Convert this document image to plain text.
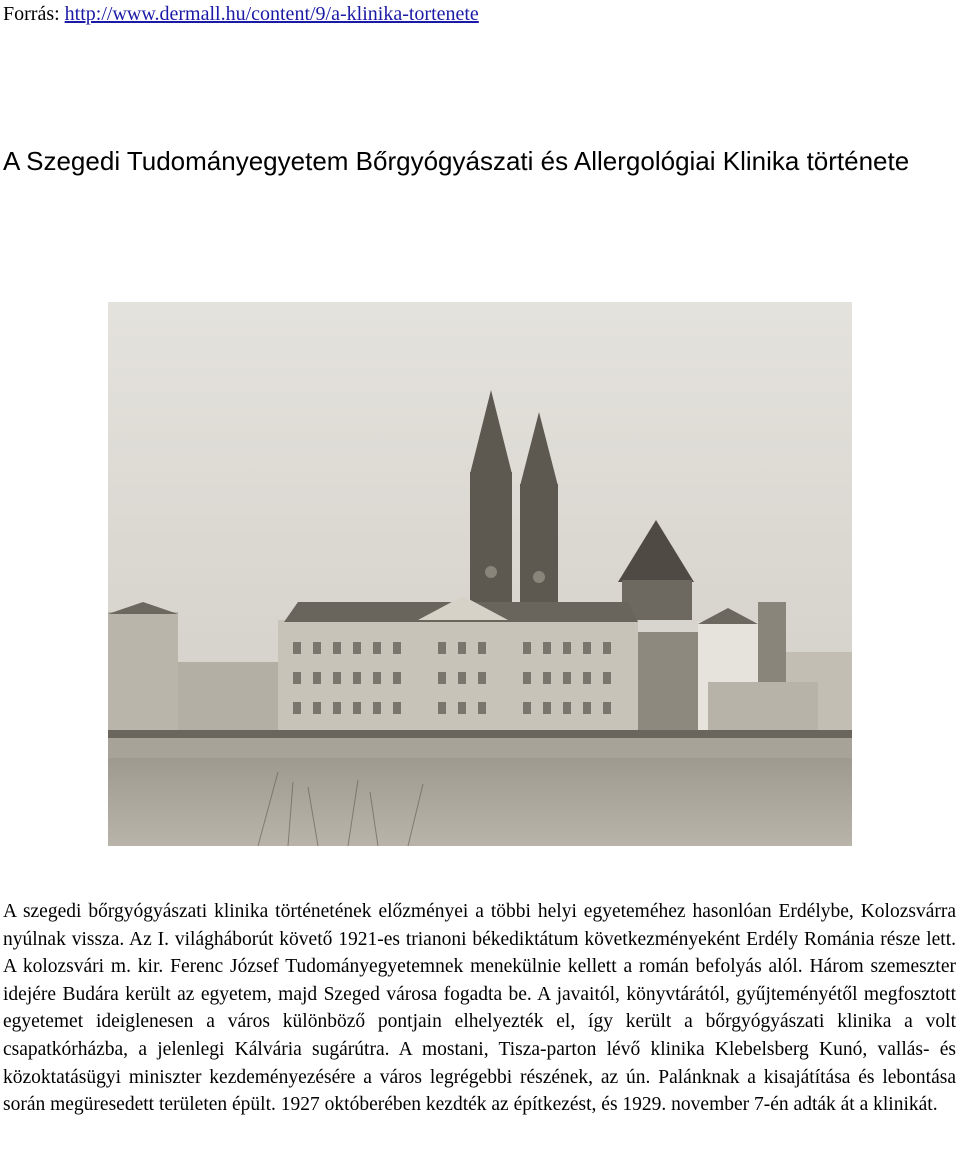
Forrás: http://www.dermall.hu/content/9/a-klinika-tortenete
A Szegedi Tudományegyetem Bőrgyógyászati és Allergológiai Klinika története

A szegedi bőrgyógyászati klinika történetének előzményei a többi helyi egyeteméhez hasonlóan Erdélybe, Kolozsvárra nyúlnak vissza. Az I. világháborút követő 1921-es trianoni békediktátum következményeként Erdély Románia része lett. A kolozsvári m. kir. Ferenc József Tudományegyetemnek menekülnie kellett a román befolyás alól. Három szemeszter idejére Budára került az egyetem, majd Szeged városa fogadta be. A javaitól, könyvtárától, gyűjteményétől megfosztott egyetemet ideiglenesen a város különböző pontjain elhelyezték el, így került a bőrgyógyászati klinika a volt csapatkórházba, a jelenlegi Kálvária sugárútra. A mostani, Tisza-parton lévő klinika Klebelsberg Kunó, vallás- és közoktatásügyi miniszter kezdeményezésére a város legrégebbi részének, az ún. Palánknak a kisajátítása és lebontása során megüresedett területen épült. 1927 októberében kezdték az építkezést, és 1929. november 7-én adták át a klinikát.
